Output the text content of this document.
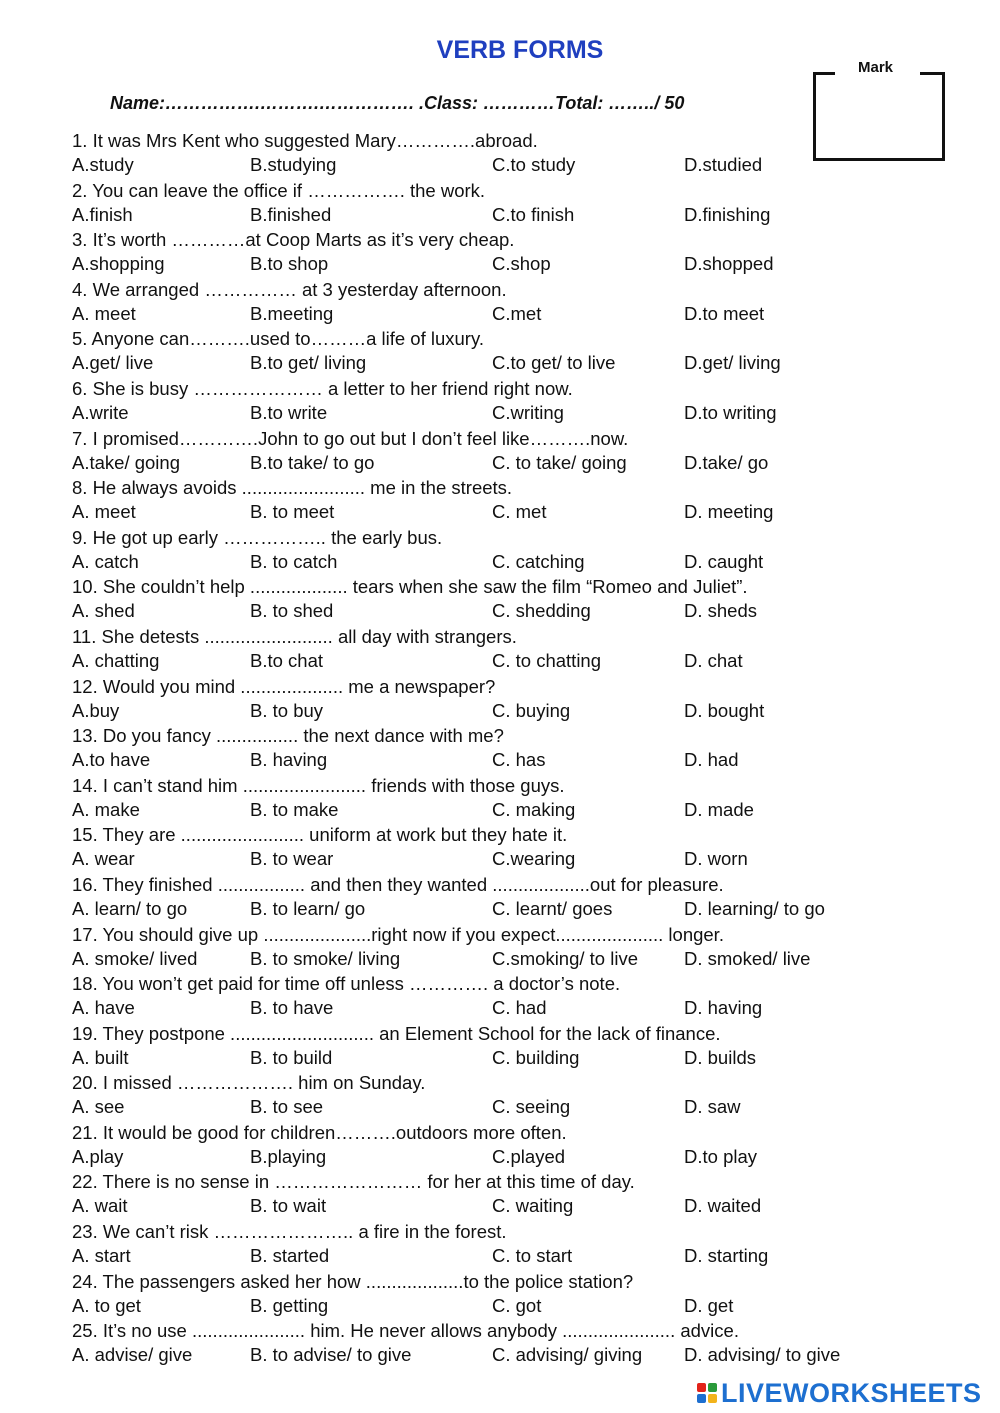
VERB FORMS
Name:…………….……….……………. .Class: …………Total: ……../ 50
Mark
1. It was Mrs Kent who suggested Mary………….abroad.
A.study	B.studying	C.to study	D.studied
2. You can leave the office if ……………. the work.
A.finish	B.finished	C.to finish	D.finishing
3. It’s worth …………at Coop Marts as it’s very cheap.
A.shopping	B.to shop	C.shop	D.shopped
4. We arranged …………… at 3 yesterday afternoon.
A. meet	B.meeting	C.met	D.to meet
5. Anyone can……….used to………a life of luxury.
A.get/ live	B.to get/ living	C.to get/ to live	D.get/ living
6. She is busy ………………… a letter to her friend right now.
A.write	B.to write	C.writing	D.to writing
7. I promised………….John to go out but I don’t feel like……….now.
A.take/ going	B.to take/ to go	C. to take/ going	D.take/ go
8. He always avoids ........................ me in the streets.
A. meet	B. to meet	C. met	D. meeting
9. He got up early …………….. the early bus.
A. catch	B. to catch	C. catching	D. caught
10. She couldn’t help ................... tears when she saw the film “Romeo and Juliet”.
A. shed	B. to shed	C. shedding	D. sheds
11. She detests ......................... all day with strangers.
A. chatting	B.to chat	C. to chatting	D. chat
12. Would you mind .................... me a newspaper?
A.buy	B. to buy	C. buying	D. bought
13. Do you fancy ................ the next dance with me?
A.to have	B. having	C. has	D. had
14. I can’t stand him ........................ friends with those guys.
A. make	B. to make	C. making	D. made
15. They are ........................ uniform at work but they hate it.
A. wear	B. to wear	C.wearing	D. worn
16. They finished ................. and then they wanted ...................out for pleasure.
A. learn/ to go	B. to learn/ go	C. learnt/ goes	D. learning/ to go
17. You should give up .....................right now if you expect..................... longer.
A. smoke/ lived	B. to smoke/ living	C.smoking/ to live D. smoked/ live
18. You won’t get paid for time off unless …………. a doctor’s note.
A. have	B. to have	C. had	D. having
19. They postpone ............................ an Element School for the lack of finance.
A. built	B. to build	C. building	D. builds
20. I missed ………………. him on Sunday.
A. see	B. to see	C. seeing	D. saw
21. It would be good for children……….outdoors more often.
A.play	B.playing	C.played	D.to play
22. There is no sense in …………………… for her at this time of day.
A. wait	B. to wait	C. waiting	D. waited
23. We can’t risk ………………….. a fire in the forest.
A. start	B. started	C. to start	D. starting
24. The passengers asked her how ...................to the police station?
A. to get	B. getting	C. got	D. get
25. It’s no use ...................... him. He never allows anybody ...................... advice.
A. advise/ give	B. to advise/ to give	C. advising/ giving D. advising/ to give
LIVEWORKSHEETS
